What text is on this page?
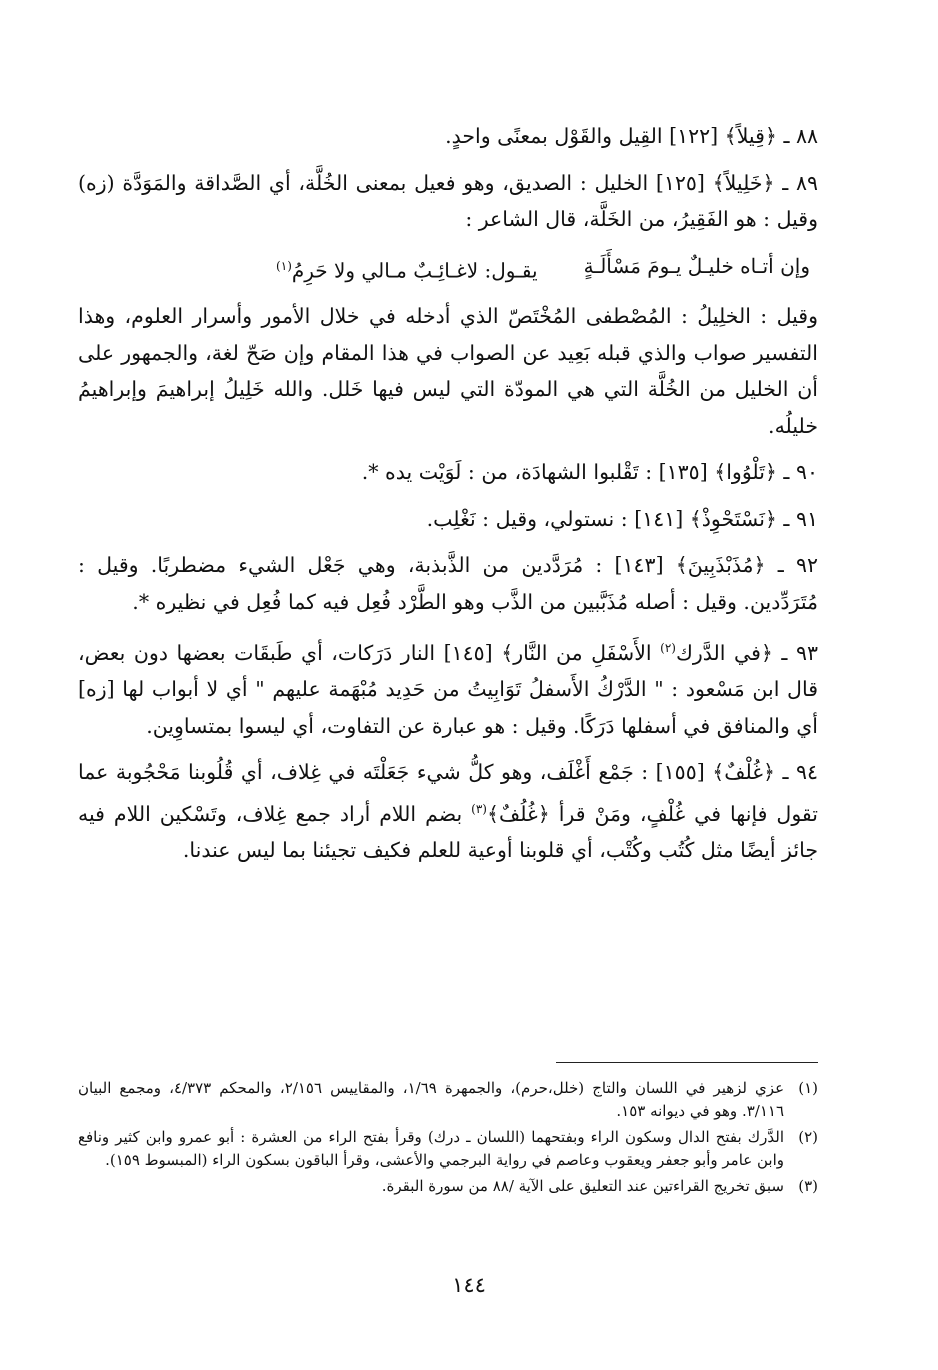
٨٨ ـ ﴿قِيلاً﴾ [١٢٢] القِيل والقَوْل بمعنًى واحدٍ.

٨٩ ـ ﴿خَلِيلاً﴾ [١٢٥] الخليل : الصديق، وهو فعيل بمعنى الخُلَّة، أي الصَّداقة والمَوَدَّة (زه) وقيل : هو الفَقِيرُ، من الخَلَّة، قال الشاعر :

وإن أتـاه خليـلٌ يـومَ مَسْأَلَـةٍ
يقـول: لاغـائِـبٌ مـالي ولا حَرِمُ$^{(١)}$

وقيل : الخلِيلُ : المُصْطفى المُخْتَصّ الذي أدخله في خلال الأمور وأسرار العلوم، وهذا التفسير صواب والذي قبله بَعِيد عن الصواب في هذا المقام وإن صَحّ لغة، والجمهور على أن الخليل من الخُلَّة التي هي المودّة التي ليس فيها خَلل. والله خَلِيلُ إبراهيمَ وإبراهيمُ خليلُه.

٩٠ ـ ﴿تَلْوُوا﴾ [١٣٥] : تَقْلبوا الشهادَة، من : لَوَيْت يده *.

٩١ ـ ﴿نَسْتَحْوِذْ﴾ [١٤١] : نستولي، وقيل : نَغْلِب.

٩٢ ـ ﴿مُذَبْذَبِينَ﴾ [١٤٣] : مُرَدَّدين من الذَّبذبة، وهي جَعْل الشيء مضطربًا. وقيل : مُتَرَدِّدين. وقيل : أصله مُذَبَّبين من الذَّب وهو الطَّرْد فُعِل فيه كما فُعِل في نظيره *.

٩٣ ـ ﴿في الدَّرك$^{(٢)}$ الأَسْفَلِ من النَّار﴾ [١٤٥] النار دَرَكات، أي طَبقَات بعضها دون بعض، قال ابن مَسْعود : " الدَّرْكُ الأَسفلُ تَوَابِيتُ من حَدِيد مُبْهَمة عليهم " أي لا أبواب لها [زه] أي والمنافق في أسفلها دَرَكًا. وقيل : هو عبارة عن التفاوت، أي ليسوا بمتساوِين.

٩٤ ـ ﴿غُلْفٌ﴾ [١٥٥] : جَمْع أَغْلَف، وهو كلُّ شيء جَعَلْتَه في غِلاف، أي قُلُوبنا مَحْجُوبة عما تقول فإنها في غُلْفٍ، ومَنْ قرأ ﴿غُلُفٌ﴾$^{(٣)}$ بضم اللام أراد جمع غِلاف، وتَسْكين اللام فيه جائز أيضًا مثل كُتُب وكُتْب، أي قلوبنا أوعية للعلم فكيف تجيئنا بما ليس عندنا.

(١)
عزي لزهير في اللسان والتاج (خلل،حرم)، والجمهرة ١/٦٩، والمقاييس ٢/١٥٦، والمحكم ٤/٣٧٣، ومجمع البيان ٣/١١٦. وهو في ديوانه ١٥٣.
(٢)
الدَّرك بفتح الدال وسكون الراء وبفتحهما (اللسان ـ درك) وقرأ بفتح الراء من العشرة : أبو عمرو وابن كثير ونافع وابن عامر وأبو جعفر ويعقوب وعاصم في رواية البرجمي والأعشى، وقرأ الباقون بسكون الراء (المبسوط ١٥٩).
(٣)
سبق تخريج القراءتين عند التعليق على الآية /٨٨ من سورة البقرة.
١٤٤
